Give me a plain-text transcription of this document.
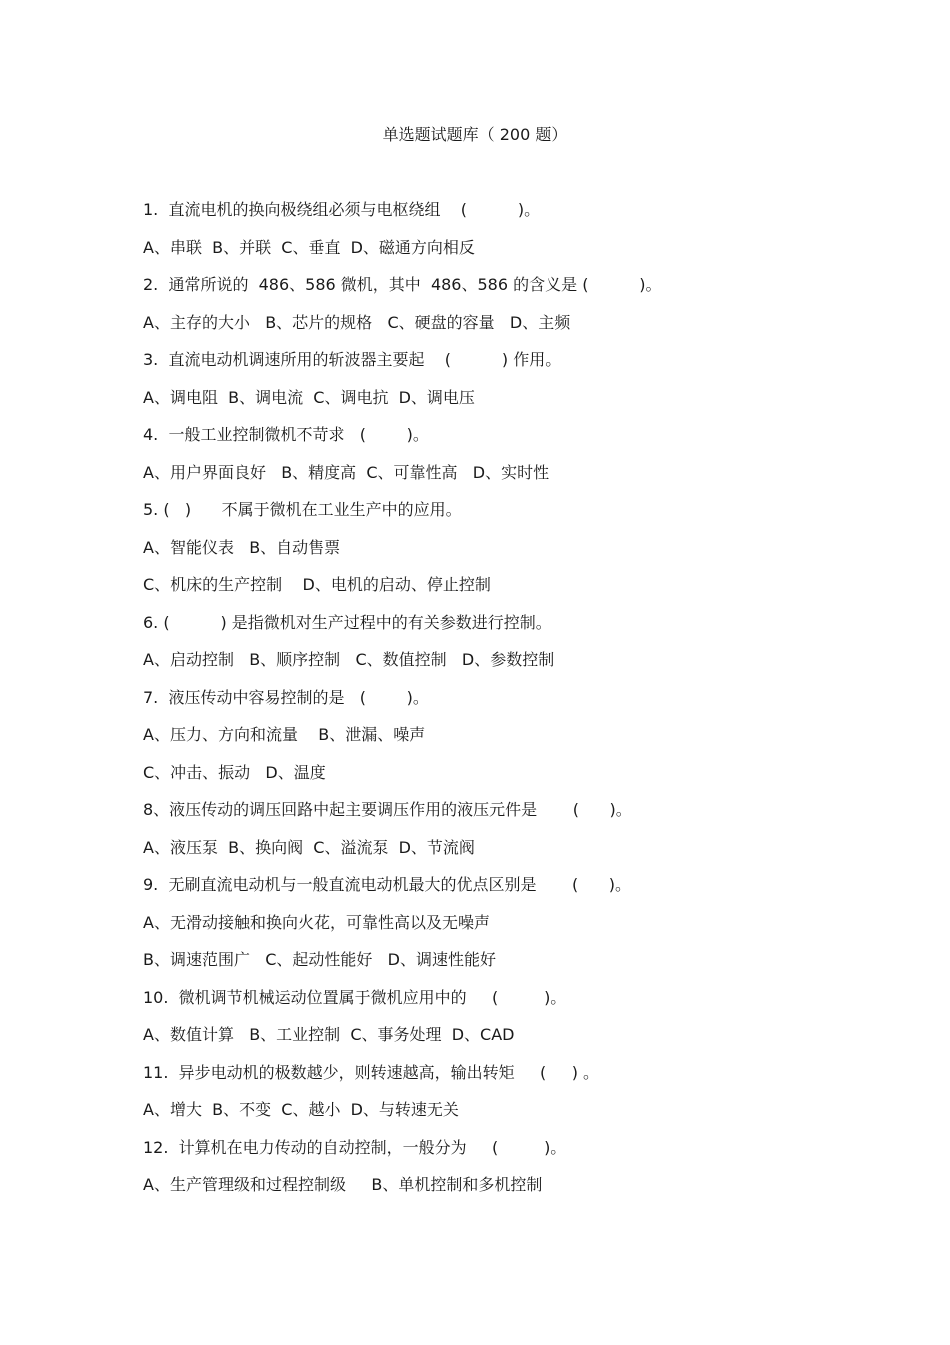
单选题试题库（ 200 题）
1.  直流电机的换向极绕组必须与电枢绕组    (          )。
A、串联  B、并联  C、垂直  D、磁通方向相反
2.  通常所说的  486、586 微机，其中  486、586 的含义是 (          )。
A、主存的大小   B、芯片的规格   C、硬盘的容量   D、主频
3.  直流电动机调速所用的斩波器主要起    (          ) 作用。
A、调电阻  B、调电流  C、调电抗  D、调电压
4.  一般工业控制微机不苛求   (        )。
A、用户界面良好   B、精度高  C、可靠性高   D、实时性
5. (   )      不属于微机在工业生产中的应用。
A、智能仪表   B、自动售票
C、机床的生产控制    D、电机的启动、停止控制
6. (          ) 是指微机对生产过程中的有关参数进行控制。
A、启动控制   B、顺序控制   C、数值控制   D、参数控制
7.  液压传动中容易控制的是   (        )。
A、压力、方向和流量    B、泄漏、噪声
C、冲击、振动   D、温度
8、液压传动的调压回路中起主要调压作用的液压元件是       (      )。
A、液压泵  B、换向阀  C、溢流泵  D、节流阀
9.  无刷直流电动机与一般直流电动机最大的优点区别是       (      )。
A、无滑动接触和换向火花，可靠性高以及无噪声
B、调速范围广   C、起动性能好   D、调速性能好
10.  微机调节机械运动位置属于微机应用中的     (         )。
A、数值计算   B、工业控制  C、事务处理  D、CAD
11.  异步电动机的极数越少，则转速越高，输出转矩     (     ) 。
A、增大  B、不变  C、越小  D、与转速无关
12.  计算机在电力传动的自动控制，一般分为     (         )。
A、生产管理级和过程控制级     B、单机控制和多机控制
